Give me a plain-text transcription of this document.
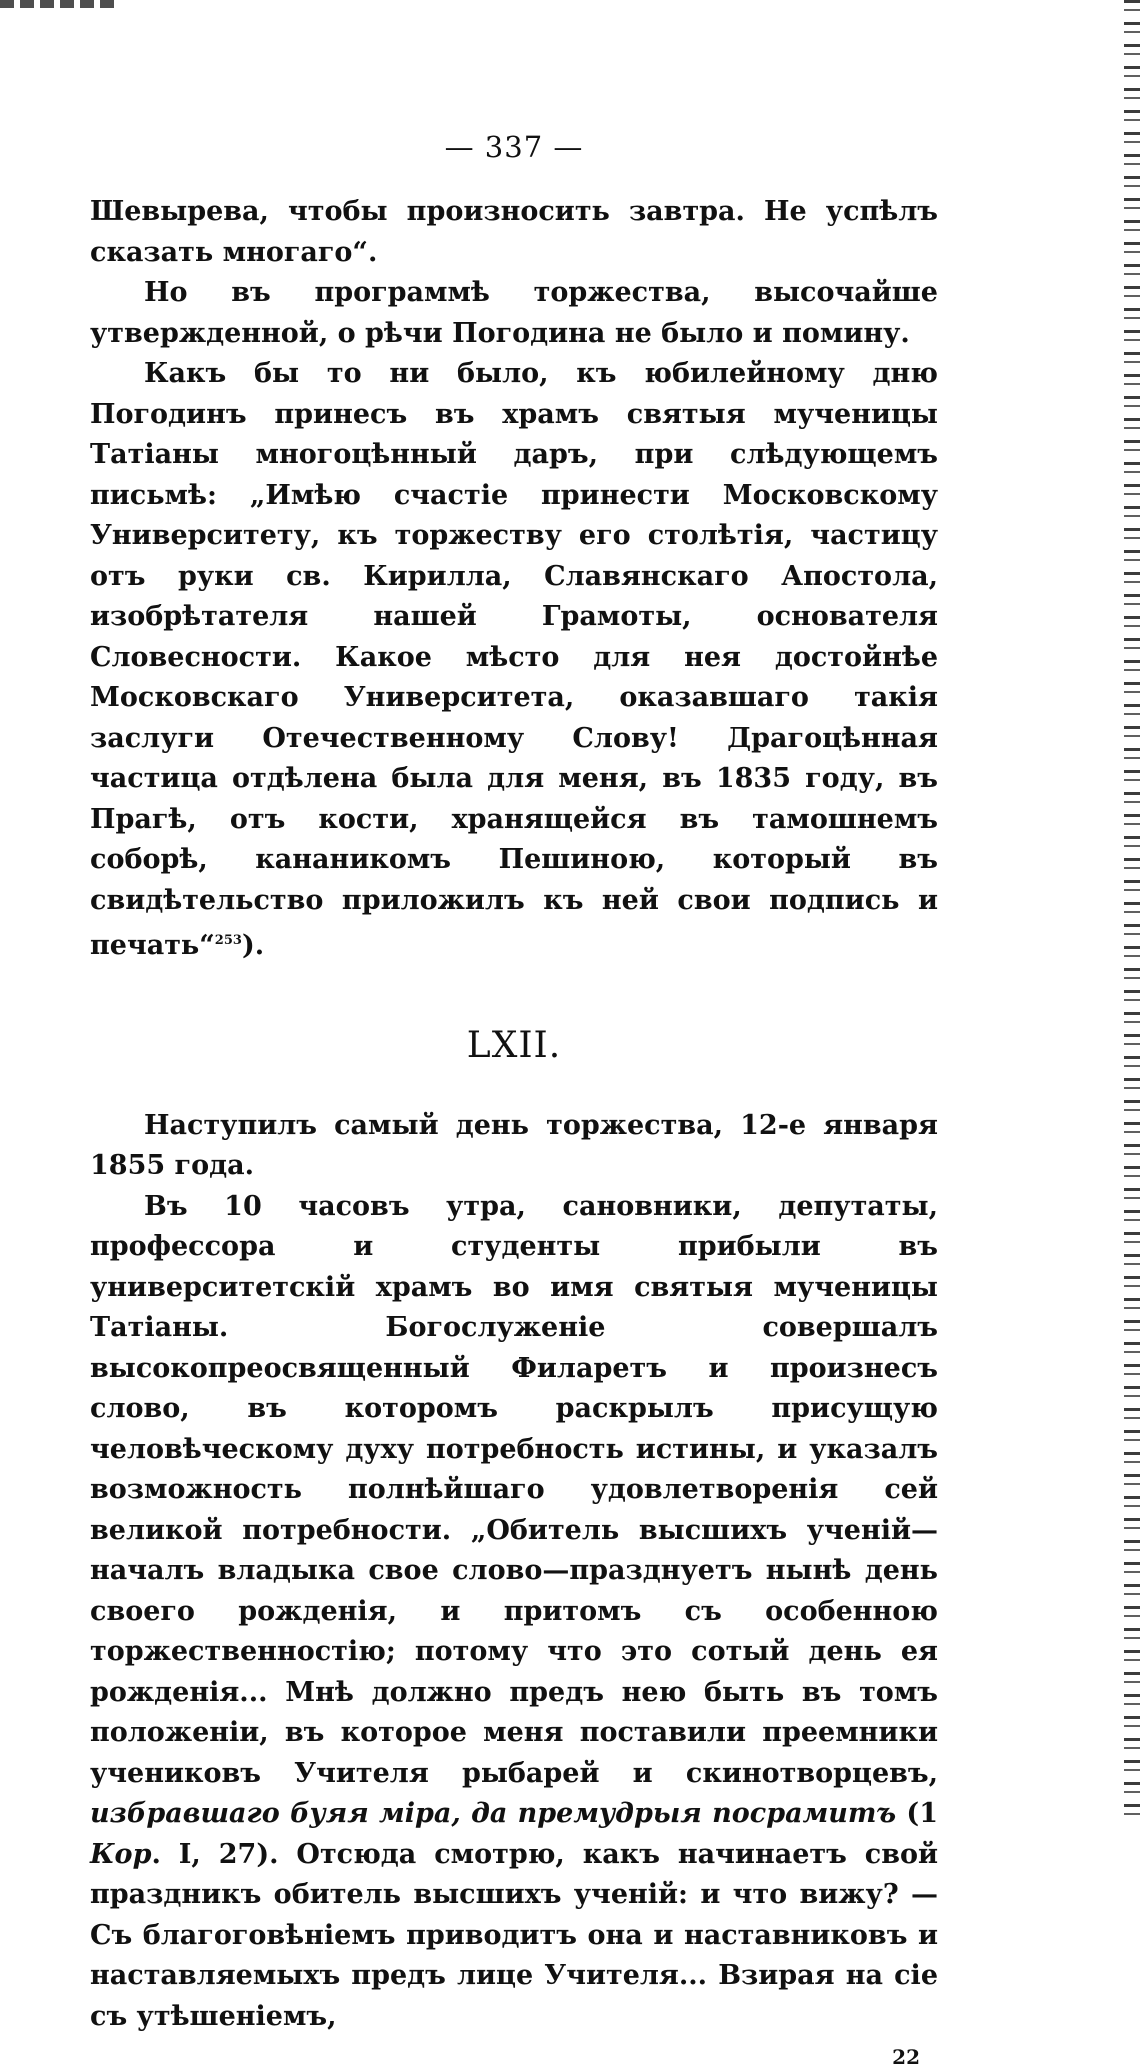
— 337 —

Шевырева, чтобы произносить завтра. Не успѣлъ сказать многаго“.

Но въ программѣ торжества, высочайше утвержденной, о рѣчи Погодина не было и помину.

Какъ бы то ни было, къ юбилейному дню Погодинъ принесъ въ храмъ святыя мученицы Татіаны многоцѣнный даръ, при слѣдующемъ письмѣ: „Имѣю счастіе принести Московскому Университету, къ торжеству его столѣтія, частицу отъ руки св. Кирилла, Славянскаго Апостола, изобрѣтателя нашей Грамоты, основателя Словесности. Какое мѣсто для нея достойнѣе Московскаго Университета, оказавшаго такія заслуги Отечественному Слову! Драгоцѣнная частица отдѣлена была для меня, въ 1835 году, въ Прагѣ, отъ кости, хранящейся въ тамошнемъ соборѣ, кананикомъ Пешиною, который въ свидѣтельство приложилъ къ ней свои подпись и печать“$^{253}$).

LXII.

Наступилъ самый день торжества, 12-е января 1855 года.

Въ 10 часовъ утра, сановники, депутаты, профессора и студенты прибыли въ университетскій храмъ во имя святыя мученицы Татіаны. Богослуженіе совершалъ высокопреосвященный Филаретъ и произнесъ слово, въ которомъ раскрылъ присущую человѣческому духу потребность истины, и указалъ возможность полнѣйшаго удовлетворенія сей великой потребности. „Обитель высшихъ ученій—началъ владыка свое слово—празднуетъ нынѣ день своего рожденія, и притомъ съ особенною торжественностію; потому что это сотый день ея рожденія... Мнѣ должно предъ нею быть въ томъ положеніи, въ которое меня поставили преемники учениковъ Учителя рыбарей и скинотворцевъ, избравшаго буяя міра, да премудрыя посрамитъ (1 Кор. I, 27). Отсюда смотрю, какъ начинаетъ свой праздникъ обитель высшихъ ученій: и что вижу? — Съ благоговѣніемъ приводитъ она и наставниковъ и наставляемыхъ предъ лице Учителя... Взирая на сіе съ утѣшеніемъ,

22
